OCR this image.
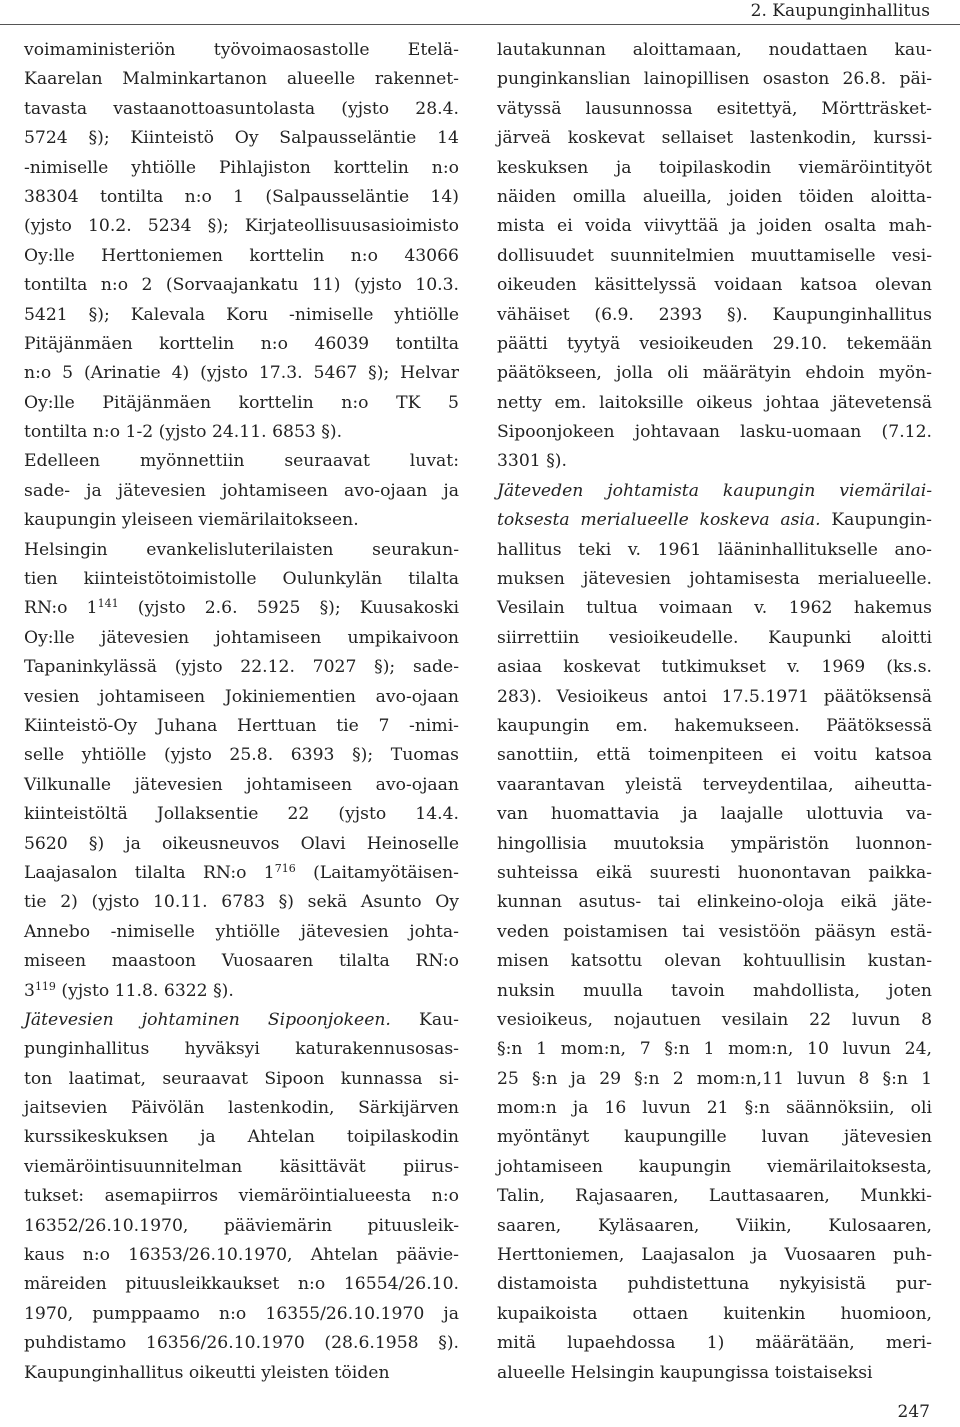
2. Kaupunginhallitus
voimaministeriön työvoimaosastolle Etelä-
Kaarelan Malminkartanon alueelle rakennet-
tavasta vastaanottoasuntolasta (yjsto 28.4.
5724 §); Kiinteistö Oy Salpausseläntie 14
-nimiselle yhtiölle Pihlajiston korttelin n:o
38304 tontilta n:o 1 (Salpausseläntie 14)
(yjsto 10.2. 5234 §); Kirjateollisuusasioimisto
Oy:lle Herttoniemen korttelin n:o 43066
tontilta n:o 2 (Sorvaajankatu 11) (yjsto 10.3.
5421 §); Kalevala Koru -nimiselle yhtiölle
Pitäjänmäen korttelin n:o 46039 tontilta
n:o 5 (Arinatie 4) (yjsto 17.3. 5467 §); Helvar
Oy:lle Pitäjänmäen korttelin n:o TK 5
tontilta n:o 1-2 (yjsto 24.11. 6853 §).
Edelleen myönnettiin seuraavat luvat:
sade- ja jätevesien johtamiseen avo-ojaan ja
kaupungin yleiseen viemärilaitokseen.
Helsingin evankelisluterilaisten seurakun-
tien kiinteistötoimistolle Oulunkylän tilalta
RN:o $1^{141}$ (yjsto 2.6. 5925 §); Kuusakoski
Oy:lle jätevesien johtamiseen umpikaivoon
Tapaninkylässä (yjsto 22.12. 7027 §); sade-
vesien johtamiseen Jokiniementien avo-ojaan
Kiinteistö-Oy Juhana Herttuan tie 7 -nimi-
selle yhtiölle (yjsto 25.8. 6393 §); Tuomas
Vilkunalle jätevesien johtamiseen avo-ojaan
kiinteistöltä Jollaksentie 22 (yjsto 14.4.
5620 §) ja oikeusneuvos Olavi Heinoselle
Laajasalon tilalta RN:o $1^{716}$ (Laitamyötäisen-
tie 2) (yjsto 10.11. 6783 §) sekä Asunto Oy
Annebo -nimiselle yhtiölle jätevesien johta-
miseen maastoon Vuosaaren tilalta RN:o
$3^{119}$ (yjsto 11.8. 6322 §).
Jätevesien johtaminen Sipoonjokeen. Kau-
punginhallitus hyväksyi katurakennusosas-
ton laatimat, seuraavat Sipoon kunnassa si-
jaitsevien Päivölän lastenkodin, Särkijärven
kurssikeskuksen ja Ahtelan toipilaskodin
viemäröintisuunnitelman käsittävät piirus-
tukset: asemapiirros viemäröintialueesta n:o
16352/26.10.1970, pääviemärin pituusleik-
kaus n:o 16353/26.10.1970, Ahtelan päävie-
märeiden pituusleikkaukset n:o 16554/26.10.
1970, pumppaamo n:o 16355/26.10.1970 ja
puhdistamo 16356/26.10.1970 (28.6.1958 §).
Kaupunginhallitus oikeutti yleisten töiden
lautakunnan aloittamaan, noudattaen kau-
punginkanslian lainopillisen osaston 26.8. päi-
vätyssä lausunnossa esitettyä, Mörtträsket-
järveä koskevat sellaiset lastenkodin, kurssi-
keskuksen ja toipilaskodin viemäröintityöt
näiden omilla alueilla, joiden töiden aloitta-
mista ei voida viivyttää ja joiden osalta mah-
dollisuudet suunnitelmien muuttamiselle vesi-
oikeuden käsittelyssä voidaan katsoa olevan
vähäiset (6.9. 2393 §). Kaupunginhallitus
päätti tyytyä vesioikeuden 29.10. tekemään
päätökseen, jolla oli määrätyin ehdoin myön-
netty em. laitoksille oikeus johtaa jätevetensä
Sipoonjokeen johtavaan lasku-uomaan (7.12.
3301 §).
Jäteveden johtamista kaupungin viemärilai-
toksesta merialueelle koskeva asia. Kaupungin-
hallitus teki v. 1961 lääninhallitukselle ano-
muksen jätevesien johtamisesta merialueelle.
Vesilain tultua voimaan v. 1962 hakemus
siirrettiin vesioikeudelle. Kaupunki aloitti
asiaa koskevat tutkimukset v. 1969 (ks.s.
283). Vesioikeus antoi 17.5.1971 päätöksensä
kaupungin em. hakemukseen. Päätöksessä
sanottiin, että toimenpiteen ei voitu katsoa
vaarantavan yleistä terveydentilaa, aiheutta-
van huomattavia ja laajalle ulottuvia va-
hingollisia muutoksia ympäristön luonnon-
suhteissa eikä suuresti huonontavan paikka-
kunnan asutus- tai elinkeino-oloja eikä jäte-
veden poistamisen tai vesistöön pääsyn estä-
misen katsottu olevan kohtuullisin kustan-
nuksin muulla tavoin mahdollista, joten
vesioikeus, nojautuen vesilain 22 luvun 8
§:n 1 mom:n, 7 §:n 1 mom:n, 10 luvun 24,
25 §:n ja 29 §:n 2 mom:n,11 luvun 8 §:n 1
mom:n ja 16 luvun 21 §:n säännöksiin, oli
myöntänyt kaupungille luvan jätevesien
johtamiseen kaupungin viemärilaitoksesta,
Talin, Rajasaaren, Lauttasaaren, Munkki-
saaren, Kyläsaaren, Viikin, Kulosaaren,
Herttoniemen, Laajasalon ja Vuosaaren puh-
distamoista puhdistettuna nykyisistä pur-
kupaikoista ottaen kuitenkin huomioon,
mitä lupaehdossa 1) määrätään, meri-
alueelle Helsingin kaupungissa toistaiseksi
247
